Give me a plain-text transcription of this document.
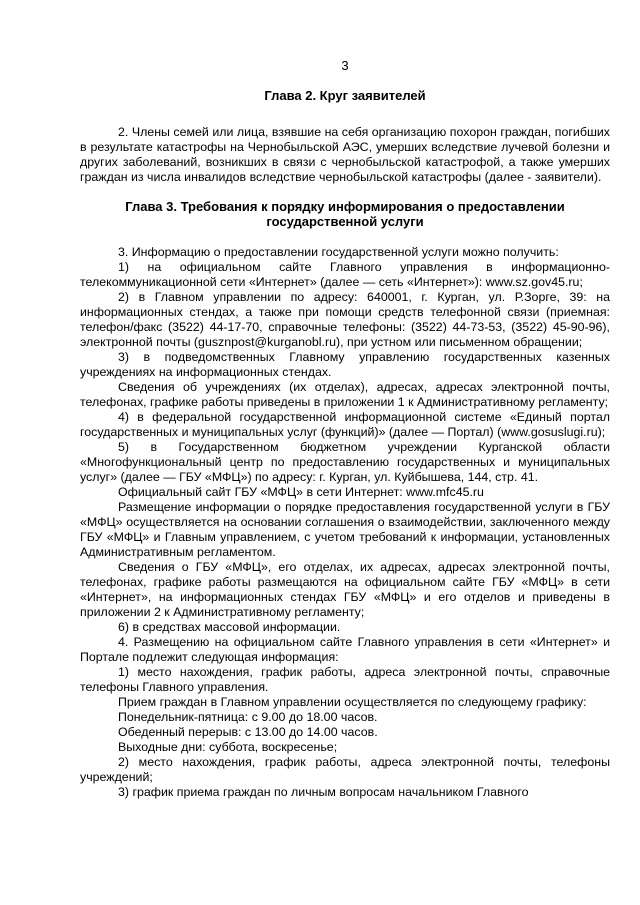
3
Глава 2. Круг заявителей

2. Члены семей или лица, взявшие на себя организацию похорон граждан, погибших в результате катастрофы на Чернобыльской АЭС, умерших вследствие лучевой болезни и других заболеваний, возникших в связи с чернобыльской катастрофой, а также умерших граждан из числа инвалидов вследствие чернобыльской катастрофы (далее - заявители).

Глава 3. Требования к порядку информирования о предоставлении государственной услуги

3. Информацию о предоставлении государственной услуги можно получить:

1) на официальном сайте Главного управления в информационно-телекоммуникационной сети «Интернет» (далее — сеть «Интернет»): www.sz.gov45.ru;

2) в Главном управлении по адресу: 640001, г. Курган, ул. Р.Зорге, 39: на информационных стендах, а также при помощи средств телефонной связи (приемная: телефон/факс (3522) 44-17-70, справочные телефоны: (3522) 44-73-53, (3522) 45-90-96), электронной почты (gusznpost@kurganobl.ru), при устном или письменном обращении;

3) в подведомственных Главному управлению государственных казенных учреждениях на информационных стендах.

Сведения об учреждениях (их отделах), адресах, адресах электронной почты, телефонах, графике работы приведены в приложении 1 к Административному регламенту;

4) в федеральной государственной информационной системе «Единый портал государственных и муниципальных услуг (функций)» (далее — Портал) (www.gosuslugi.ru);

5) в Государственном бюджетном учреждении Курганской области «Многофункциональный центр по предоставлению государственных и муниципальных услуг» (далее — ГБУ «МФЦ») по адресу: г. Курган, ул. Куйбышева, 144, стр. 41.

Официальный сайт ГБУ «МФЦ» в сети Интернет: www.mfc45.ru

Размещение информации о порядке предоставления государственной услуги в ГБУ «МФЦ» осуществляется на основании соглашения о взаимодействии, заключенного между ГБУ «МФЦ» и Главным управлением, с учетом требований к информации, установленных Административным регламентом.

Сведения о ГБУ «МФЦ», его отделах, их адресах, адресах электронной почты, телефонах, графике работы размещаются на официальном сайте ГБУ «МФЦ» в сети «Интернет», на информационных стендах ГБУ «МФЦ» и его отделов и приведены в приложении 2 к Административному регламенту;

6) в средствах массовой информации.

4. Размещению на официальном сайте Главного управления в сети «Интернет» и Портале подлежит следующая информация:

1) место нахождения, график работы, адреса электронной почты, справочные телефоны Главного управления.

Прием граждан в Главном управлении осуществляется по следующему графику:

Понедельник-пятница: с 9.00 до 18.00 часов.

Обеденный перерыв: с 13.00 до 14.00 часов.

Выходные дни: суббота, воскресенье;

2) место нахождения, график работы, адреса электронной почты, телефоны учреждений;

3) график приема граждан по личным вопросам начальником Главного
